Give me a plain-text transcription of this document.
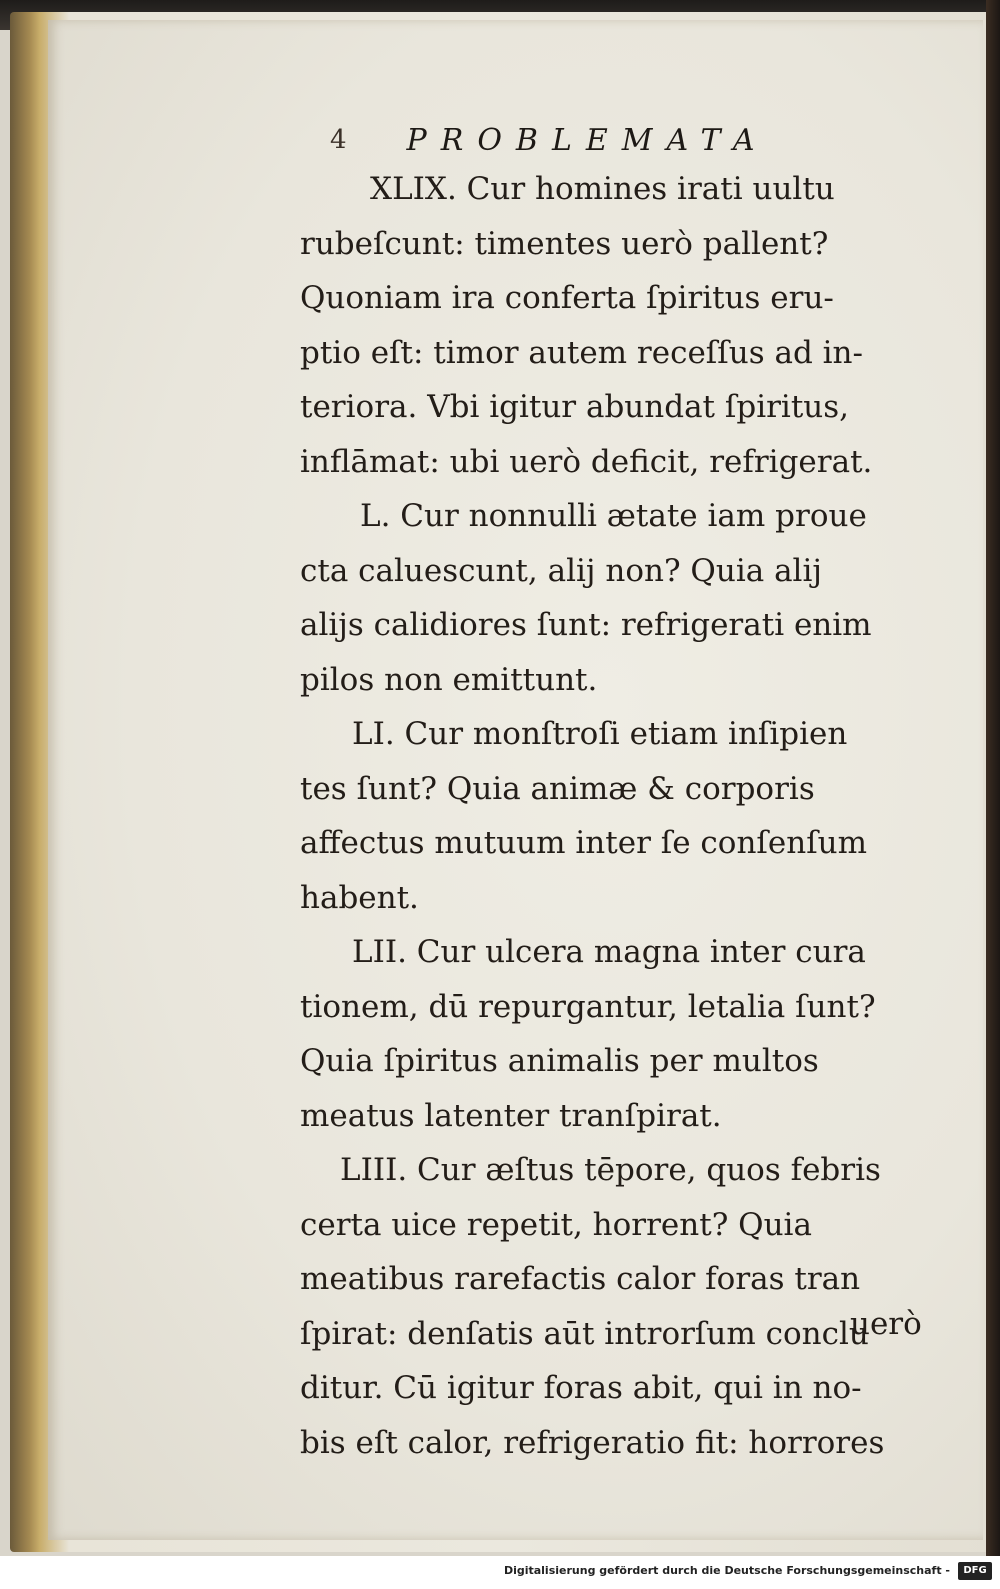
4 PROBLEMATA
XLIX. Cur homines irati uultu
rubeſcunt: timentes uerò pallent?
Quoniam ira conferta ſpiritus eru-
ptio eſt: timor autem receſſus ad in-
teriora. Vbi igitur abundat ſpiritus,
inflāmat: ubi uerò deficit, refrigerat.
L. Cur nonnulli ætate iam proue
cta caluescunt, alij non? Quia alij
alijs calidiores ſunt: refrigerati enim
pilos non emittunt.
LI. Cur monſtroſi etiam inſipien
tes ſunt? Quia animæ & corporis
affectus mutuum inter ſe conſenſum
habent.
LII. Cur ulcera magna inter cura
tionem, dū repurgantur, letalia ſunt?
Quia ſpiritus animalis per multos
meatus latenter tranſpirat.
LIII. Cur æſtus tēpore, quos febris
certa uice repetit, horrent? Quia
meatibus rarefactis calor foras tran
ſpirat: denſatis aūt introrſum conclu
ditur. Cū igitur foras abit, qui in no-
bis eſt calor, refrigeratio fit: horrores
uerò
Digitalisierung gefördert durch die Deutsche Forschungsgemeinschaft -	DFG
